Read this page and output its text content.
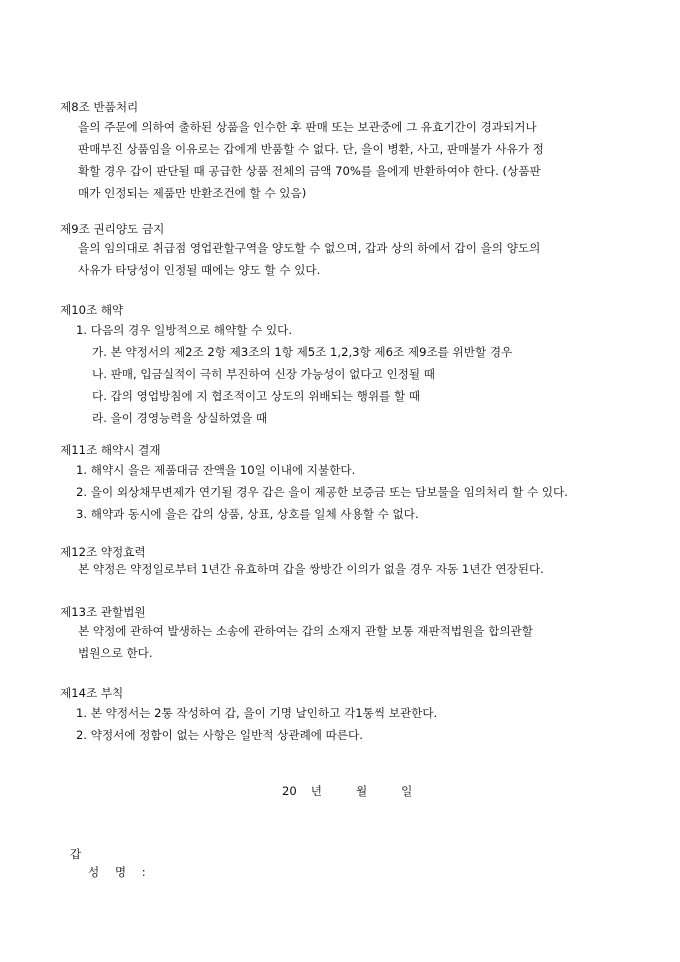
제8조 반품처리
을의 주문에 의하여 출하된 상품을 인수한 후 판매 또는 보관중에 그 유효기간이 경과되거나
판매부진 상품임을 이유로는 갑에게 반품할 수 없다. 단, 을이 병환, 사고, 판매불가 사유가 정
확할 경우 갑이 판단될 때 공급한 상품 전체의 금액 70%를 을에게 반환하여야 한다. (상품판
매가 인정되는 제품만 반환조건에 할 수 있음)
제9조 권리양도 금지
을의 임의대로 취급점 영업관할구역을 양도할 수 없으며, 갑과 상의 하에서 갑이 을의 양도의
사유가 타당성이 인정될 때에는 양도 할 수 있다.
제10조 해약
1. 다음의 경우 일방적으로 해약할 수 있다.
가. 본 약정서의 제2조 2항 제3조의 1항 제5조 1,2,3항 제6조 제9조를 위반할 경우
나. 판매, 입금실적이 극히 부진하여 신장 가능성이 없다고 인정될 때
다. 갑의 영업방침에 지 협조적이고 상도의 위배되는 행위를 할 때
라. 을이 경영능력을 상실하였을 때
제11조 해약시 결재
1. 해약시 을은 제품대금 잔액을 10일 이내에 지불한다.
2. 을이 외상채무변제가 연기될 경우 갑은 을이 제공한 보증금 또는 담보물을 임의처리 할 수 있다.
3. 해약과 동시에 을은 갑의 상품, 상표, 상호를 일체 사용할 수 없다.
제12조 약정효력
본 약정은 약정일로부터 1년간 유효하며 갑을 쌍방간 이의가 없을 경우 자동 1년간 연장된다.
제13조 관할법원
본 약정에 관하여 발생하는 소송에 관하여는 갑의 소재지 관할 보통 재판적법원을 합의관할
법원으로 한다.
제14조 부칙
1. 본 약정서는 2통 작성하여 갑, 을이 기명 날인하고 각1통씩 보관한다.
2. 약정서에 정함이 없는 사항은 일반적 상관례에 따른다.
20 년	월	일
갑
성 명 :
